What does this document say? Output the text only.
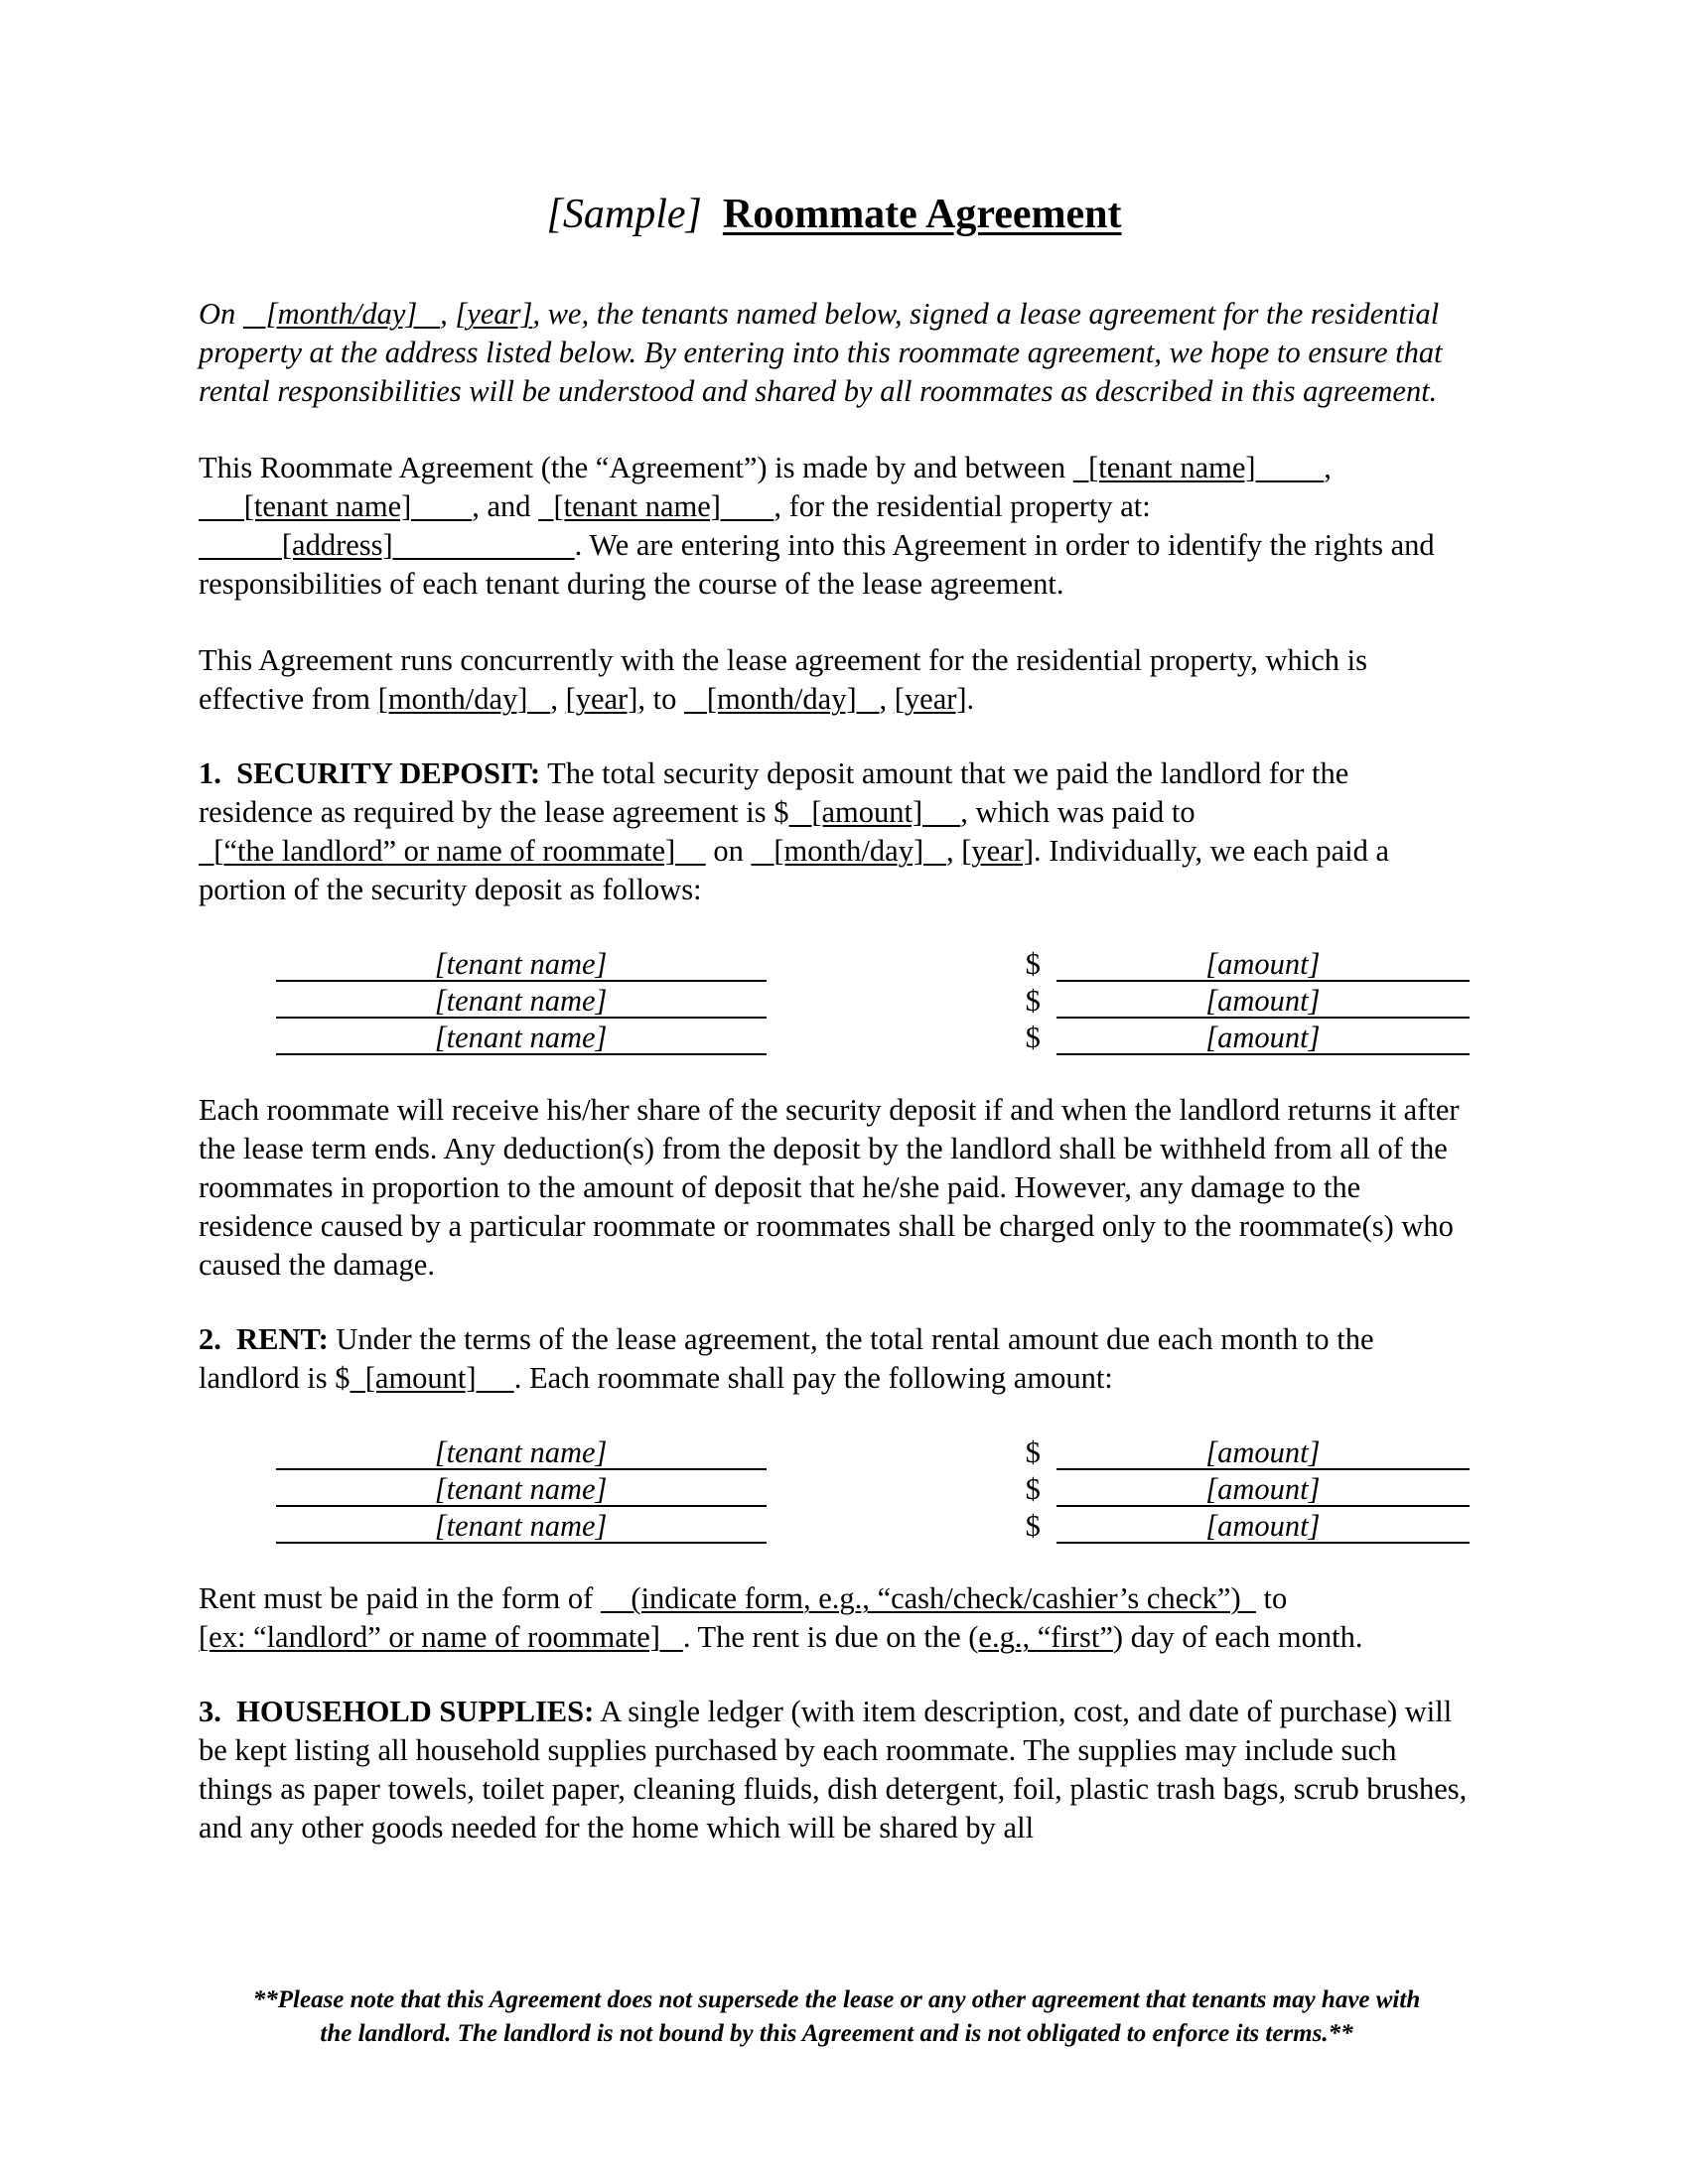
[Sample] Roommate Agreement

On    [month/day]   , [year], we, the tenants named below, signed a lease agreement for the residential property at the address listed below. By entering into this roommate agreement, we hope to ensure that rental responsibilities will be understood and shared by all roommates as described in this agreement.

This Roommate Agreement (the “Agreement”) is made by and between   [tenant name] ,       [tenant name]        , and   [tenant name]       , for the residential property at:            [address]                        . We are entering into this Agreement in order to identify the rights and responsibilities of each tenant during the course of the lease agreement.

This Agreement runs concurrently with the lease agreement for the residential property, which is effective from [month/day]   , [year], to    [month/day]   , [year].

1. SECURITY DEPOSIT: The total security deposit amount that we paid the landlord for the residence as required by the lease agreement is $   [amount]     , which was paid to   [“the landlord” or name of roommate]     on    [month/day]   , [year]. Individually, we each paid a portion of the security deposit as follows:

	[tenant name]		$	[amount]

	[tenant name]		$	[amount]

	[tenant name]		$	[amount]

Each roommate will receive his/her share of the security deposit if and when the landlord returns it after the lease term ends. Any deduction(s) from the deposit by the landlord shall be withheld from all of the roommates in proportion to the amount of deposit that he/she paid. However, any damage to the residence caused by a particular roommate or roommates shall be charged only to the roommate(s) who caused the damage.

2. RENT: Under the terms of the lease agreement, the total rental amount due each month to the landlord is $  [amount]     . Each roommate shall pay the following amount:

	[tenant name]		$	[amount]

	[tenant name]		$	[amount]

	[tenant name]		$	[amount]

Rent must be paid in the form of     (indicate form, e.g., “cash/check/cashier’s check”)   to [ex: “landlord” or name of roommate]   . The rent is due on the (e.g., “first”) day of each month.

3. HOUSEHOLD SUPPLIES: A single ledger (with item description, cost, and date of purchase) will be kept listing all household supplies purchased by each roommate. The supplies may include such things as paper towels, toilet paper, cleaning fluids, dish detergent, foil, plastic trash bags, scrub brushes, and any other goods needed for the home which will be shared by all

**Please note that this Agreement does not supersede the lease or any other agreement that tenants may have with

the landlord. The landlord is not bound by this Agreement and is not obligated to enforce its terms.**
